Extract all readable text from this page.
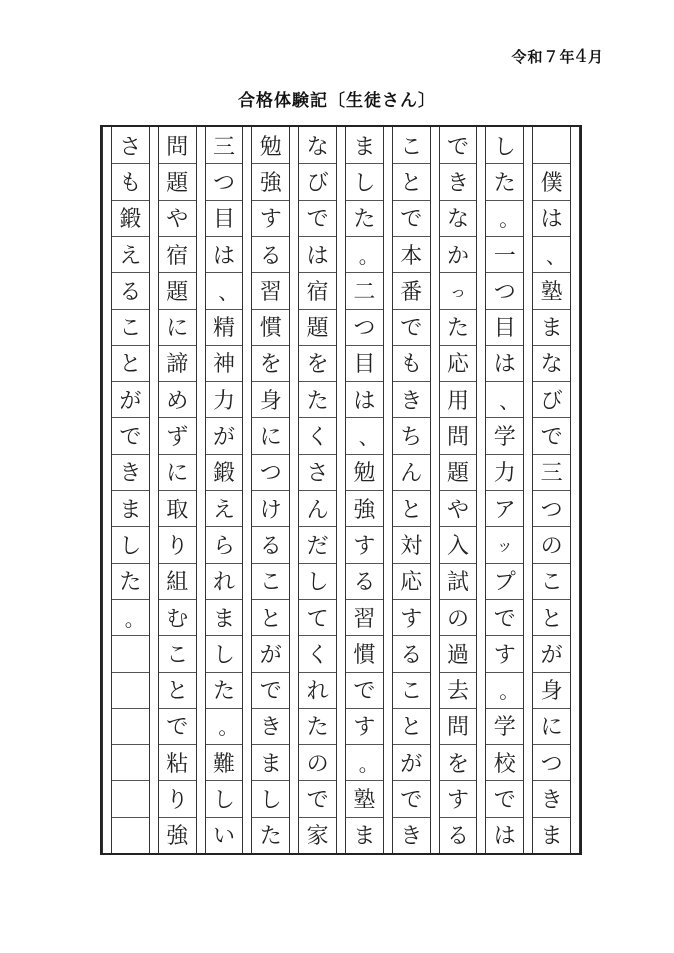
令和７年4月
合格体験記〔生徒さん〕

僕
は
、
塾
ま
な
び
で
三
つ
の
こ
と
が
身
に
つ
き
ま
し
た
。
一
つ
目
は
、
学
力
ア
ッ
プ
で
す
。
学
校
で
は
で
き
な
か
っ
た
応
用
問
題
や
入
試
の
過
去
問
を
す
る
こ
と
で
本
番
で
も
き
ち
ん
と
対
応
す
る
こ
と
が
で
き
ま
し
た
。
二
つ
目
は
、
勉
強
す
る
習
慣
で
す
。
塾
ま
な
び
で
は
宿
題
を
た
く
さ
ん
だ
し
て
く
れ
た
の
で
家
勉
強
す
る
習
慣
を
身
に
つ
け
る
こ
と
が
で
き
ま
し
た
三
つ
目
は
、
精
神
力
が
鍛
え
ら
れ
ま
し
た
。
難
し
い
問
題
や
宿
題
に
諦
め
ず
に
取
り
組
む
こ
と
で
粘
り
強
さ
も
鍛
え
る
こ
と
が
で
き
ま
し
た
。
